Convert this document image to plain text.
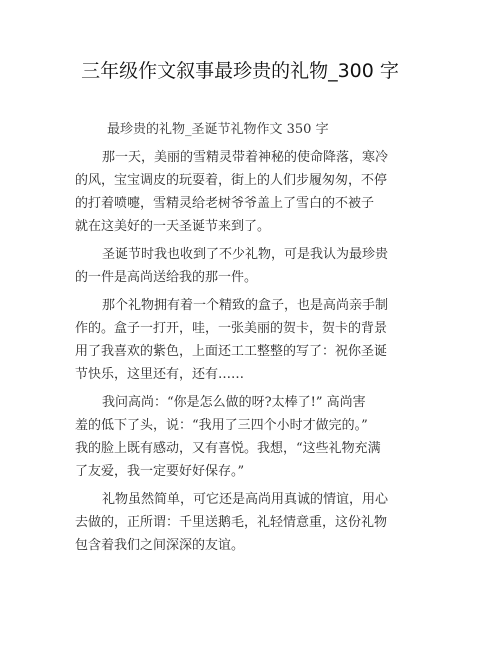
三年级作文叙事最珍贵的礼物_300 字
最珍贵的礼物_圣诞节礼物作文 350 字
那一天，美丽的雪精灵带着神秘的使命降落，寒冷
的风，宝宝调皮的玩耍着，街上的人们步履匆匆，不停
的打着喷嚏，雪精灵给老树爷爷盖上了雪白的不被子
就在这美好的一天圣诞节来到了。
圣诞节时我也收到了不少礼物，可是我认为最珍贵
的一件是高尚送给我的那一件。
那个礼物拥有着一个精致的盒子，也是高尚亲手制
作的。盒子一打开，哇，一张美丽的贺卡，贺卡的背景
用了我喜欢的紫色，上面还工工整整的写了：祝你圣诞
节快乐，这里还有，还有……
我问高尚：“你是怎么做的呀?太棒了!” 高尚害
羞的低下了头，说：“我用了三四个小时才做完的。”
我的脸上既有感动，又有喜悦。我想，“这些礼物充满
了友爱，我一定要好好保存。”
礼物虽然简单，可它还是高尚用真诚的情谊，用心
去做的，正所谓：千里送鹅毛，礼轻情意重，这份礼物
包含着我们之间深深的友谊。
